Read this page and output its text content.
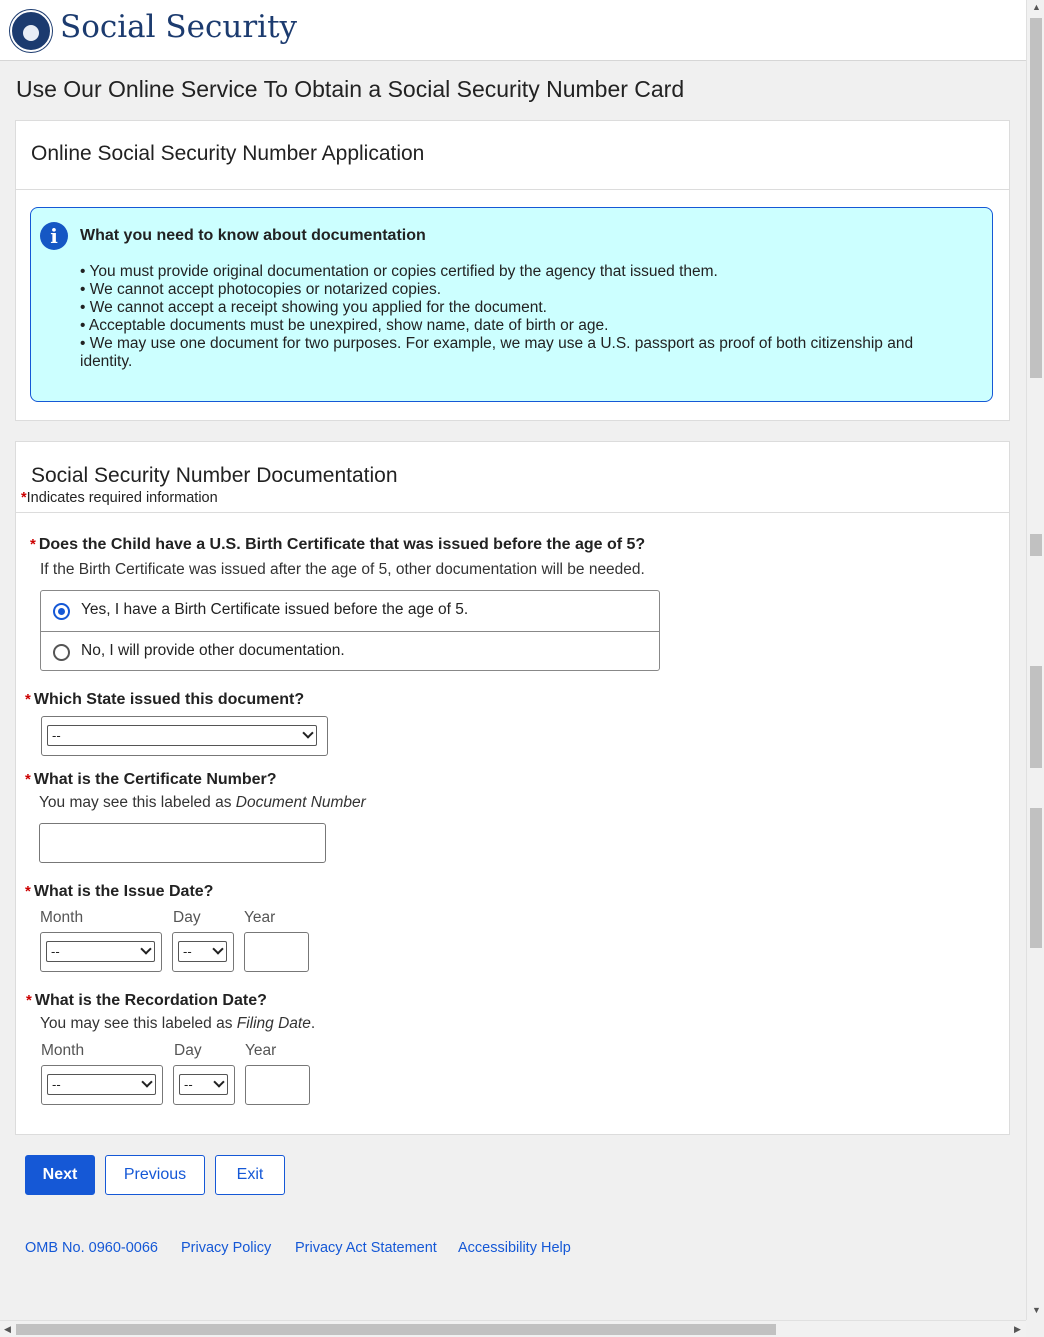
Social Security
Use Our Online Service To Obtain a Social Security Number Card
Online Social Security Number Application
i	What you need to know about documentation
• You must provide original documentation or copies certified by the agency that issued them.
• We cannot accept photocopies or notarized copies.
• We cannot accept a receipt showing you applied for the document.
• Acceptable documents must be unexpired, show name, date of birth or age.
• We may use one document for two purposes. For example, we may use a U.S. passport as proof of both citizenship and identity.
Social Security Number Documentation
*Indicates required information
* Does the Child have a U.S. Birth Certificate that was issued before the age of 5?
If the Birth Certificate was issued after the age of 5, other documentation will be needed.
Yes, I have a Birth Certificate issued before the age of 5.
No, I will provide other documentation.
* Which State issued this document?
--
* What is the Certificate Number?
You may see this labeled as Document Number
* What is the Issue Date?
Month	Day	Year
--	--
* What is the Recordation Date?
You may see this labeled as Filing Date.
Month	Day	Year
--	--
Next	Previous	Exit
OMB No. 0960-0066 Privacy Policy Privacy Act Statement Accessibility Help
▲
▼
◀	▶
